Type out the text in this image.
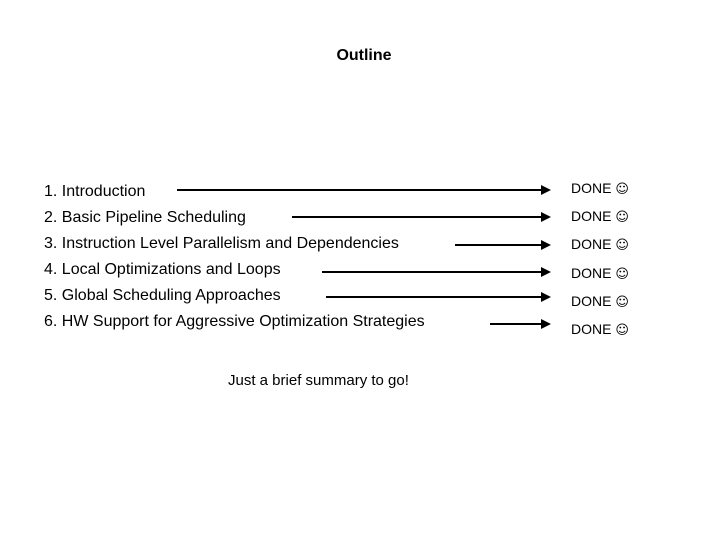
Outline
1. Introduction
2. Basic Pipeline Scheduling
3. Instruction Level Parallelism and Dependencies
4. Local Optimizations and Loops
5. Global Scheduling Approaches
6. HW Support for Aggressive Optimization Strategies
DONE ☺
DONE ☺
DONE ☺
DONE ☺
DONE ☺
DONE ☺
Just a brief summary to go!
